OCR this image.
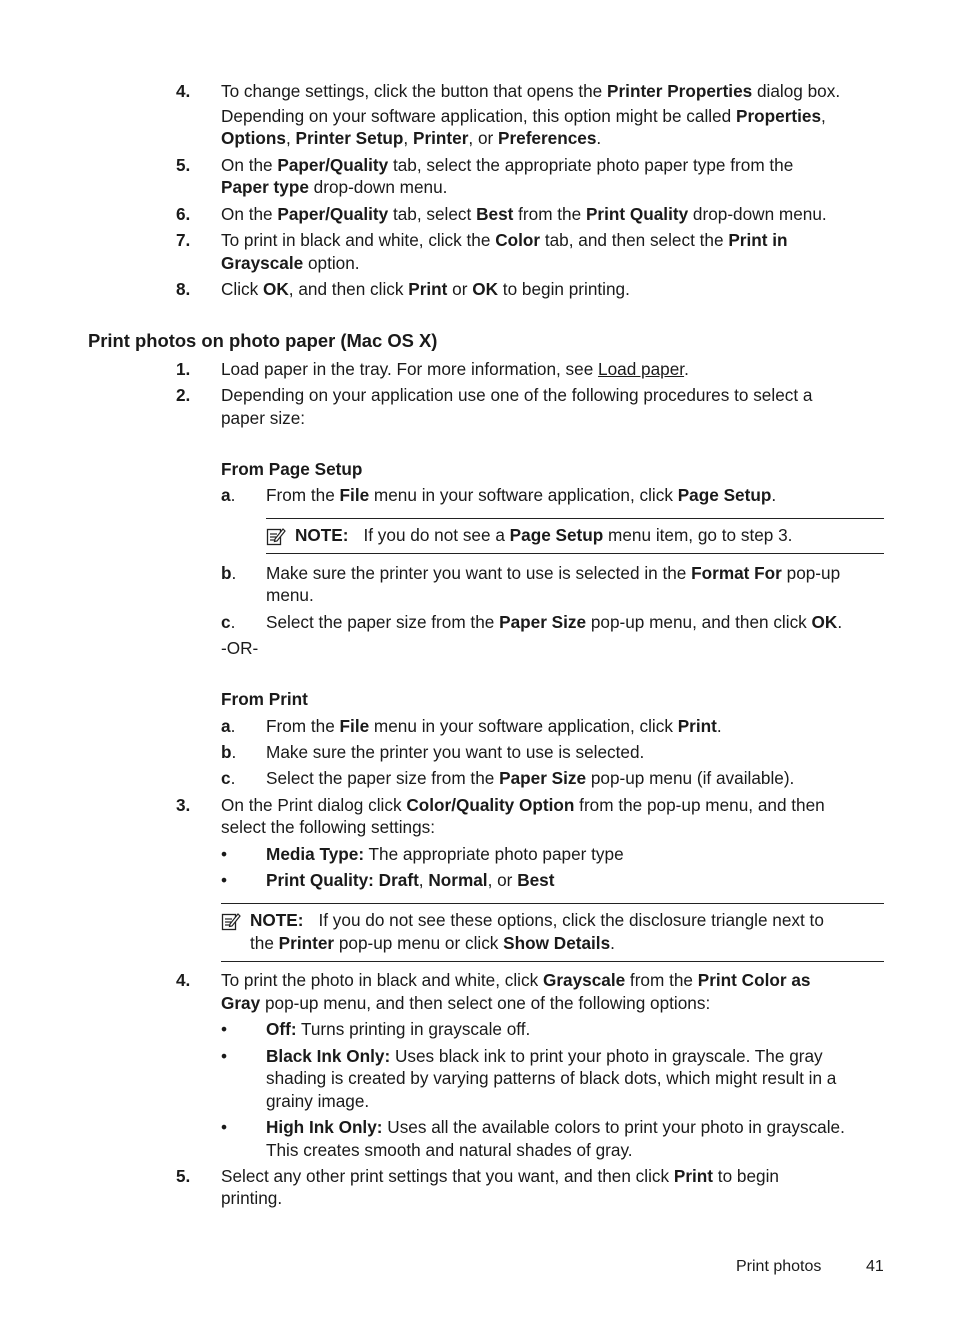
4. To change settings, click the button that opens the Printer Properties dialog box.
Depending on your software application, this option might be called Properties,
Options, Printer Setup, Printer, or Preferences.
5. On the Paper/Quality tab, select the appropriate photo paper type from the
Paper type drop-down menu.
6. On the Paper/Quality tab, select Best from the Print Quality drop-down menu.
7. To print in black and white, click the Color tab, and then select the Print in
Grayscale option.
8. Click OK, and then click Print or OK to begin printing.
Print photos on photo paper (Mac OS X)
1. Load paper in the tray. For more information, see Load paper.
2. Depending on your application use one of the following procedures to select a
paper size:
From Page Setup
a. From the File menu in your software application, click Page Setup.
NOTE: If you do not see a Page Setup menu item, go to step 3.
b. Make sure the printer you want to use is selected in the Format For pop-up
menu.
c. Select the paper size from the Paper Size pop-up menu, and then click OK.
-OR-
From Print
a. From the File menu in your software application, click Print.
b. Make sure the printer you want to use is selected.
c. Select the paper size from the Paper Size pop-up menu (if available).
3. On the Print dialog click Color/Quality Option from the pop-up menu, and then
select the following settings:
• Media Type: The appropriate photo paper type
• Print Quality: Draft, Normal, or Best
NOTE: If you do not see these options, click the disclosure triangle next to
the Printer pop-up menu or click Show Details.
4. To print the photo in black and white, click Grayscale from the Print Color as
Gray pop-up menu, and then select one of the following options:
• Off: Turns printing in grayscale off.
• Black Ink Only: Uses black ink to print your photo in grayscale. The gray
shading is created by varying patterns of black dots, which might result in a
grainy image.
• High Ink Only: Uses all the available colors to print your photo in grayscale.
This creates smooth and natural shades of gray.
5. Select any other print settings that you want, and then click Print to begin
printing.
Print photos	41
